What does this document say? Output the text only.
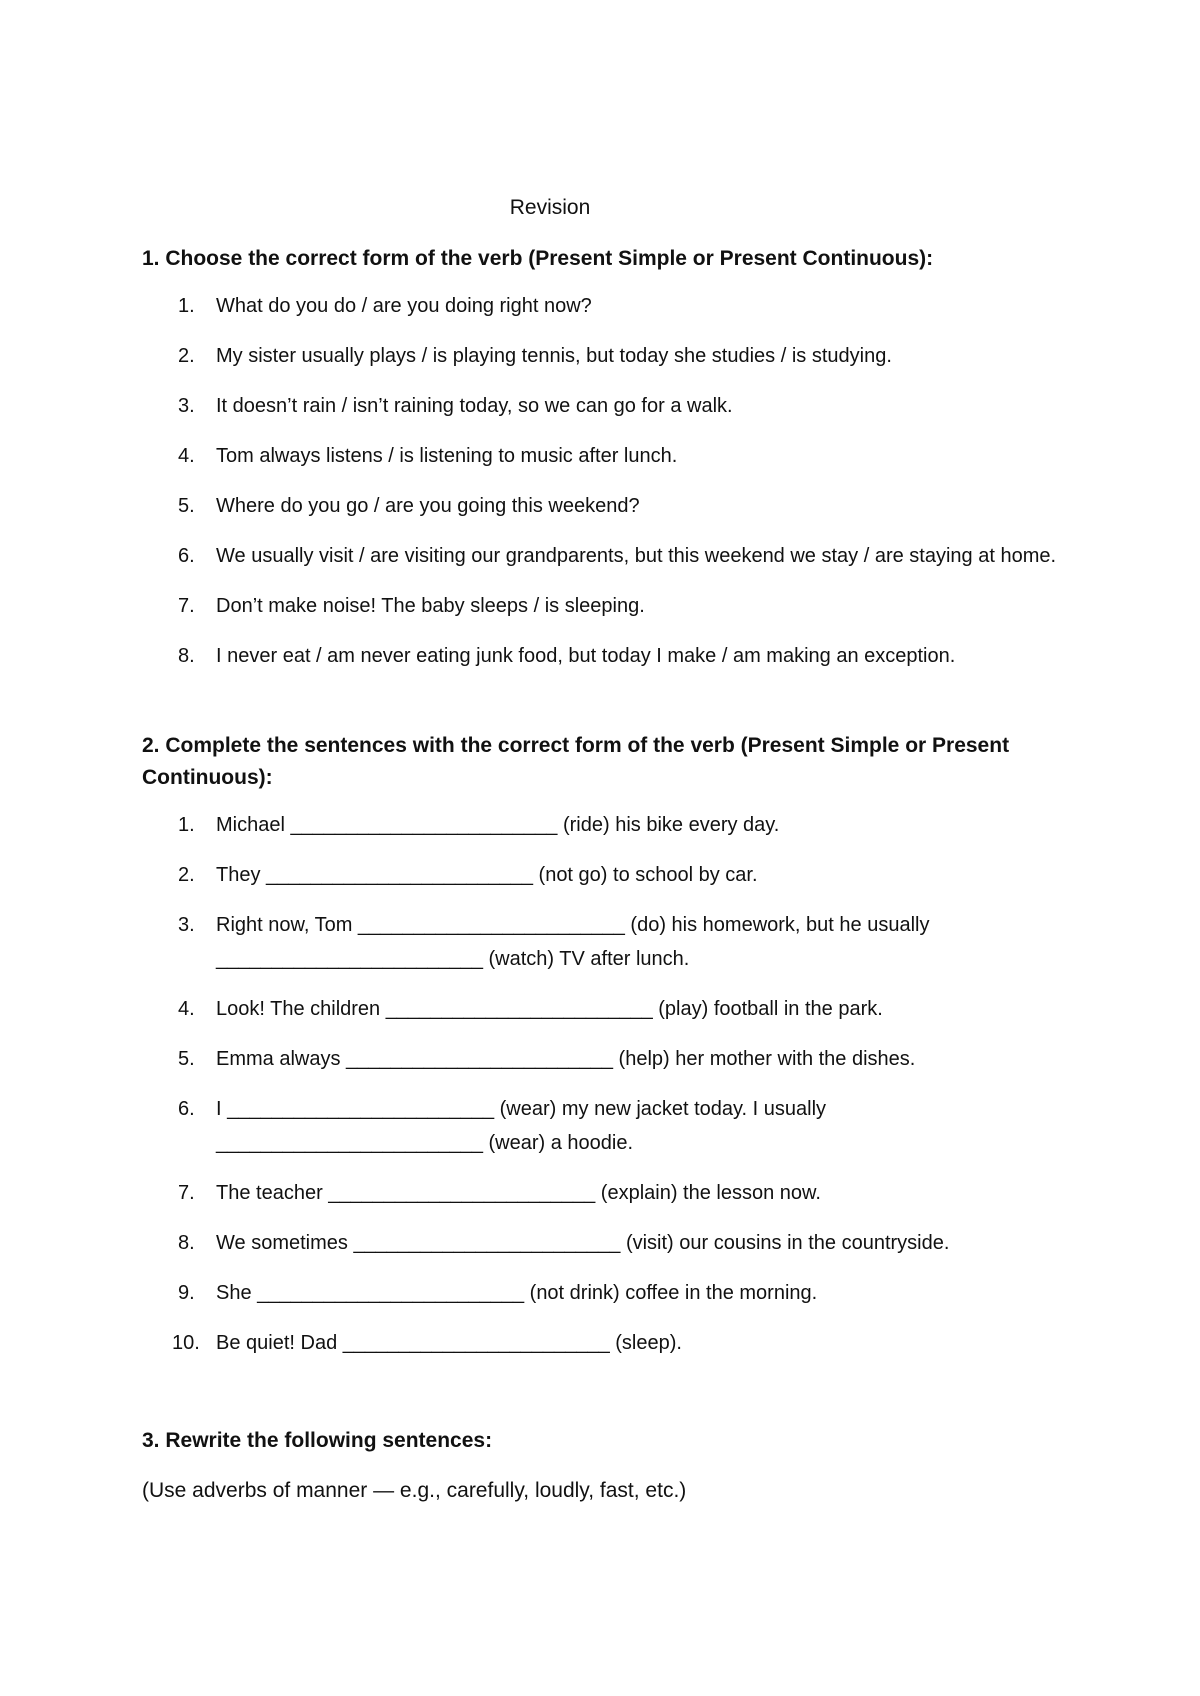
Revision

1. Choose the correct form of the verb (Present Simple or Present Continuous):

1. What do you do / are you doing right now?
2. My sister usually plays / is playing tennis, but today she studies / is studying.
3. It doesn’t rain / isn’t raining today, so we can go for a walk.
4. Tom always listens / is listening to music after lunch.
5. Where do you go / are you going this weekend?
6. We usually visit / are visiting our grandparents, but this weekend we stay / are staying at home.
7. Don’t make noise! The baby sleeps / is sleeping.
8. I never eat / am never eating junk food, but today I make / am making an exception.

2. Complete the sentences with the correct form of the verb (Present Simple or Present Continuous):

1. Michael ________________________ (ride) his bike every day.
2. They ________________________ (not go) to school by car.
3. Right now, Tom ________________________ (do) his homework, but he usually ________________________ (watch) TV after lunch.
4. Look! The children ________________________ (play) football in the park.
5. Emma always ________________________ (help) her mother with the dishes.
6. I ________________________ (wear) my new jacket today. I usually ________________________ (wear) a hoodie.
7. The teacher ________________________ (explain) the lesson now.
8. We sometimes ________________________ (visit) our cousins in the countryside.
9. She ________________________ (not drink) coffee in the morning.
10. Be quiet! Dad ________________________ (sleep).

3. Rewrite the following sentences:

(Use adverbs of manner — e.g., carefully, loudly, fast, etc.)
